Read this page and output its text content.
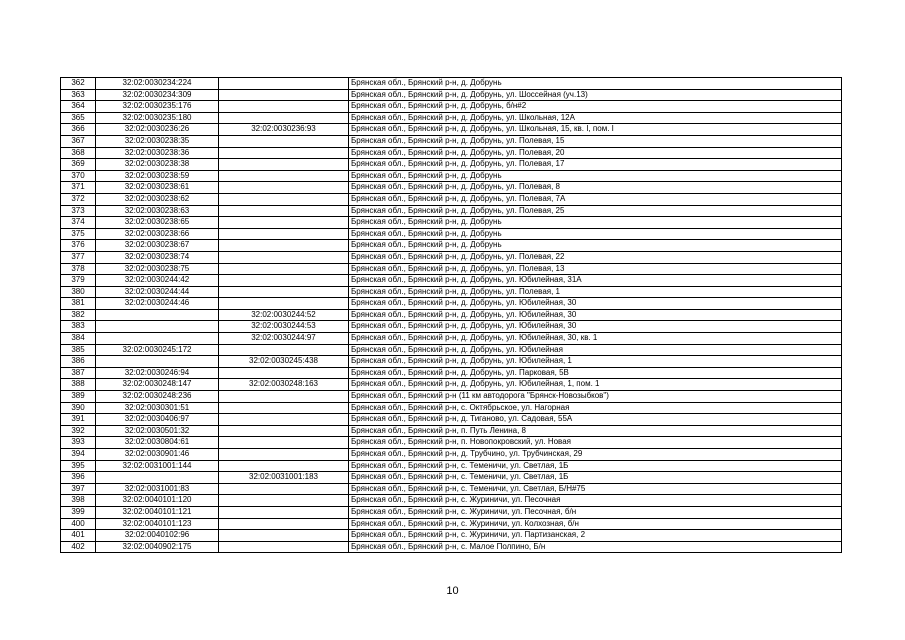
362	32:02:0030234:224		Брянская обл., Брянский р-н, д. Добрунь
363	32:02:0030234:309		Брянская обл., Брянский р-н, д. Добрунь, ул. Шоссейная (уч.13)
364	32:02:0030235:176		Брянская обл., Брянский р-н, д. Добрунь, б/н#2
365	32:02:0030235:180		Брянская обл., Брянский р-н, д. Добрунь, ул. Школьная, 12А
366	32:02:0030236:26	32:02:0030236:93	Брянская обл., Брянский р-н, д. Добрунь, ул. Школьная, 15, кв. I, пом. I
367	32:02:0030238:35		Брянская обл., Брянский р-н, д. Добрунь, ул. Полевая, 15
368	32:02:0030238:36		Брянская обл., Брянский р-н, д. Добрунь, ул. Полевая, 20
369	32:02:0030238:38		Брянская обл., Брянский р-н, д. Добрунь, ул. Полевая, 17
370	32:02:0030238:59		Брянская обл., Брянский р-н, д. Добрунь
371	32:02:0030238:61		Брянская обл., Брянский р-н, д. Добрунь, ул. Полевая, 8
372	32:02:0030238:62		Брянская обл., Брянский р-н, д. Добрунь, ул. Полевая, 7А
373	32:02:0030238:63		Брянская обл., Брянский р-н, д. Добрунь, ул. Полевая, 25
374	32:02:0030238:65		Брянская обл., Брянский р-н, д. Добрунь
375	32:02:0030238:66		Брянская обл., Брянский р-н, д. Добрунь
376	32:02:0030238:67		Брянская обл., Брянский р-н, д. Добрунь
377	32:02:0030238:74		Брянская обл., Брянский р-н, д. Добрунь, ул. Полевая, 22
378	32:02:0030238:75		Брянская обл., Брянский р-н, д. Добрунь, ул. Полевая, 13
379	32:02:0030244:42		Брянская обл., Брянский р-н, д. Добрунь, ул. Юбилейная, 31А
380	32:02:0030244:44		Брянская обл., Брянский р-н, д. Добрунь, ул. Полевая, 1
381	32:02:0030244:46		Брянская обл., Брянский р-н, д. Добрунь, ул. Юбилейная, 30
382		32:02:0030244:52	Брянская обл., Брянский р-н, д. Добрунь, ул. Юбилейная, 30
383		32:02:0030244:53	Брянская обл., Брянский р-н, д. Добрунь, ул. Юбилейная, 30
384		32:02:0030244:97	Брянская обл., Брянский р-н, д. Добрунь, ул. Юбилейная, 30, кв. 1
385	32:02:0030245:172		Брянская обл., Брянский р-н, д. Добрунь, ул. Юбилейная
386		32:02:0030245:438	Брянская обл., Брянский р-н, д. Добрунь, ул. Юбилейная, 1
387	32:02:0030246:94		Брянская обл., Брянский р-н, д. Добрунь, ул. Парковая, 5В
388	32:02:0030248:147	32:02:0030248:163	Брянская обл., Брянский р-н, д. Добрунь, ул. Юбилейная, 1, пом. 1
389	32:02:0030248:236		Брянская обл., Брянский р-н (11 км автодорога "Брянск-Новозыбков")
390	32:02:0030301:51		Брянская обл., Брянский р-н, с. Октябрьское, ул. Нагорная
391	32:02:0030406:97		Брянская обл., Брянский р-н, д. Тиганово, ул. Садовая, 55А
392	32:02:0030501:32		Брянская обл., Брянский р-н, п. Путь Ленина, 8
393	32:02:0030804:61		Брянская обл., Брянский р-н, п. Новопокровский, ул. Новая
394	32:02:0030901:46		Брянская обл., Брянский р-н, д. Трубчино, ул. Трубчинская, 29
395	32:02:0031001:144		Брянская обл., Брянский р-н, с. Теменичи, ул. Светлая, 1Б
396		32:02:0031001:183	Брянская обл., Брянский р-н, с. Теменичи, ул. Светлая, 1Б
397	32:02:0031001:83		Брянская обл., Брянский р-н, с. Теменичи, ул. Светлая, Б/Н#75
398	32:02:0040101:120		Брянская обл., Брянский р-н, с. Журиничи, ул. Песочная
399	32:02:0040101:121		Брянская обл., Брянский р-н, с. Журиничи, ул. Песочная, б/н
400	32:02:0040101:123		Брянская обл., Брянский р-н, с. Журиничи, ул. Колхозная, б/н
401	32:02:0040102:96		Брянская обл., Брянский р-н, с. Журиничи, ул. Партизанская, 2
402	32:02:0040902:175		Брянская обл., Брянский р-н, с. Малое Полпино, Б/н
10
